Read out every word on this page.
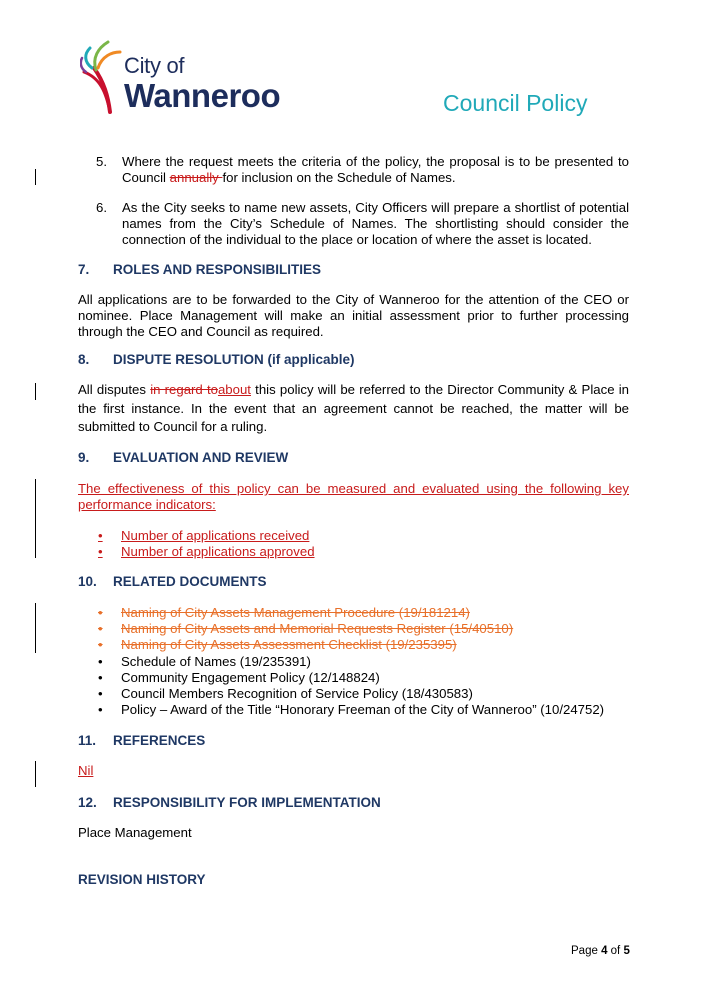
City of
Wanneroo	Council Policy
5. Where the request meets the criteria of the policy, the proposal is to be presented to Council annually for inclusion on the Schedule of Names.
6. As the City seeks to name new assets, City Officers will prepare a shortlist of potential names from the City’s Schedule of Names. The shortlisting should consider the connection of the individual to the place or location of where the asset is located.
7. ROLES AND RESPONSIBILITIES
All applications are to be forwarded to the City of Wanneroo for the attention of the CEO or nominee. Place Management will make an initial assessment prior to further processing through the CEO and Council as required.
8. DISPUTE RESOLUTION (if applicable)
All disputes in regard toabout this policy will be referred to the Director Community & Place in the first instance. In the event that an agreement cannot be reached, the matter will be submitted to Council for a ruling.
9. EVALUATION AND REVIEW
The effectiveness of this policy can be measured and evaluated using the following key performance indicators:
• Number of applications received
• Number of applications approved
10. RELATED DOCUMENTS
• Naming of City Assets Management Procedure (19/181214)
• Naming of City Assets and Memorial Requests Register (15/40510)
• Naming of City Assets Assessment Checklist (19/235395)
• Schedule of Names (19/235391)
• Community Engagement Policy (12/148824)
• Council Members Recognition of Service Policy (18/430583)
• Policy – Award of the Title “Honorary Freeman of the City of Wanneroo” (10/24752)
11. REFERENCES
Nil
12. RESPONSIBILITY FOR IMPLEMENTATION
Place Management
REVISION HISTORY
Page 4 of 5
